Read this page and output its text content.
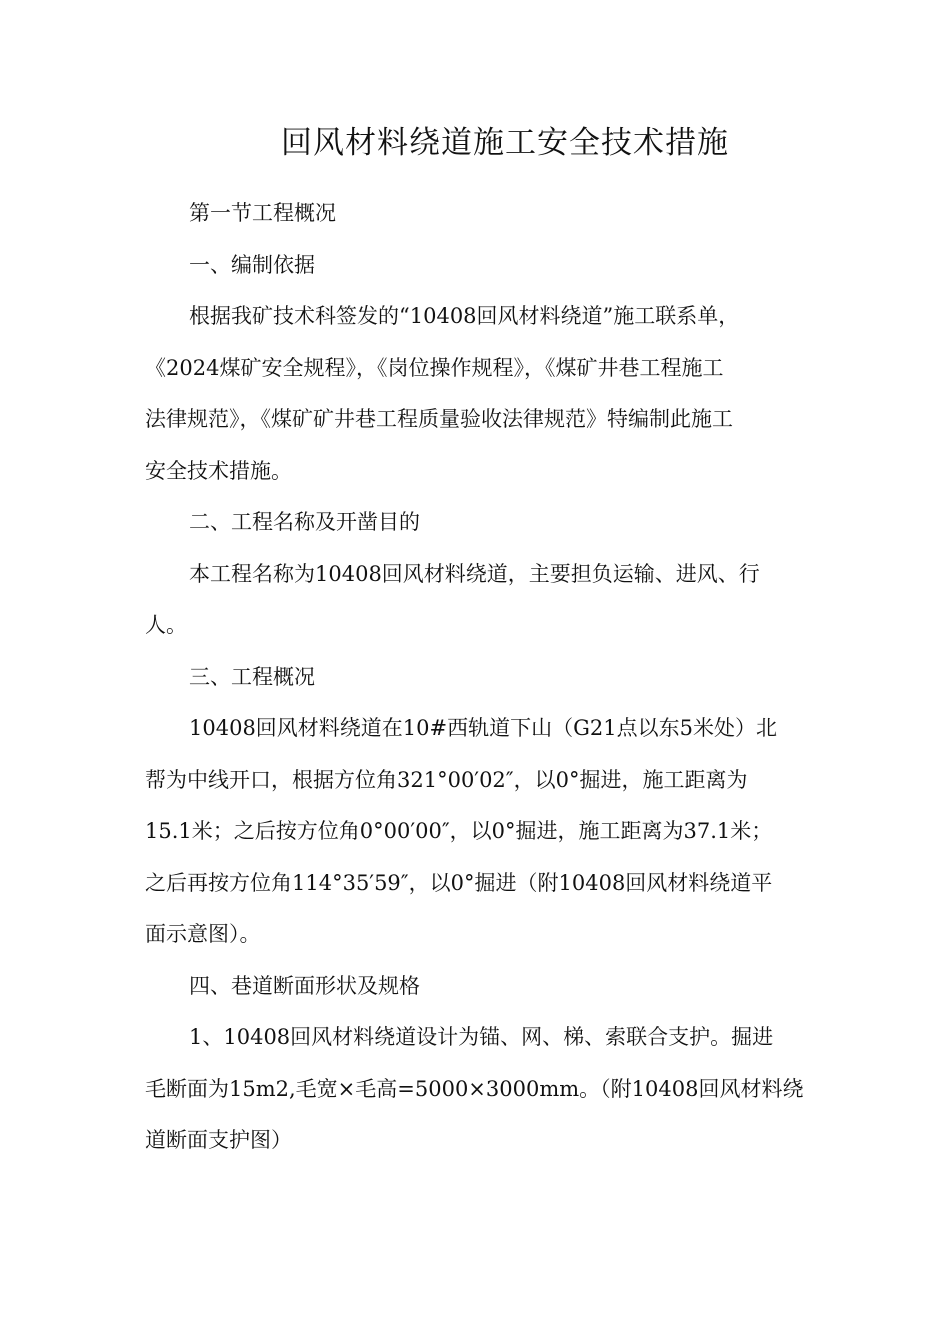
回风材料绕道施工安全技术措施
第一节工程概况
一、编制依据
根据我矿技术科签发的“10408回风材料绕道”施工联系单，
《2024煤矿安全规程》，《岗位操作规程》，《煤矿井巷工程施工
法律规范》，《煤矿矿井巷工程质量验收法律规范》特编制此施工
安全技术措施。
二、工程名称及开凿目的
本工程名称为10408回风材料绕道，主要担负运输、进风、行
人。
三、工程概况
10408回风材料绕道在10#西轨道下山（G21点以东5米处）北
帮为中线开口，根据方位角321°00′02″，以0°掘进，施工距离为
15.1米；之后按方位角0°00′00″，以0°掘进，施工距离为37.1米；
之后再按方位角114°35′59″，以0°掘进（附10408回风材料绕道平
面示意图）。
四、巷道断面形状及规格
1、10408回风材料绕道设计为锚、网、梯、索联合支护。掘进
毛断面为15m2,毛宽×毛高=5000×3000mm。（附10408回风材料绕
道断面支护图）
